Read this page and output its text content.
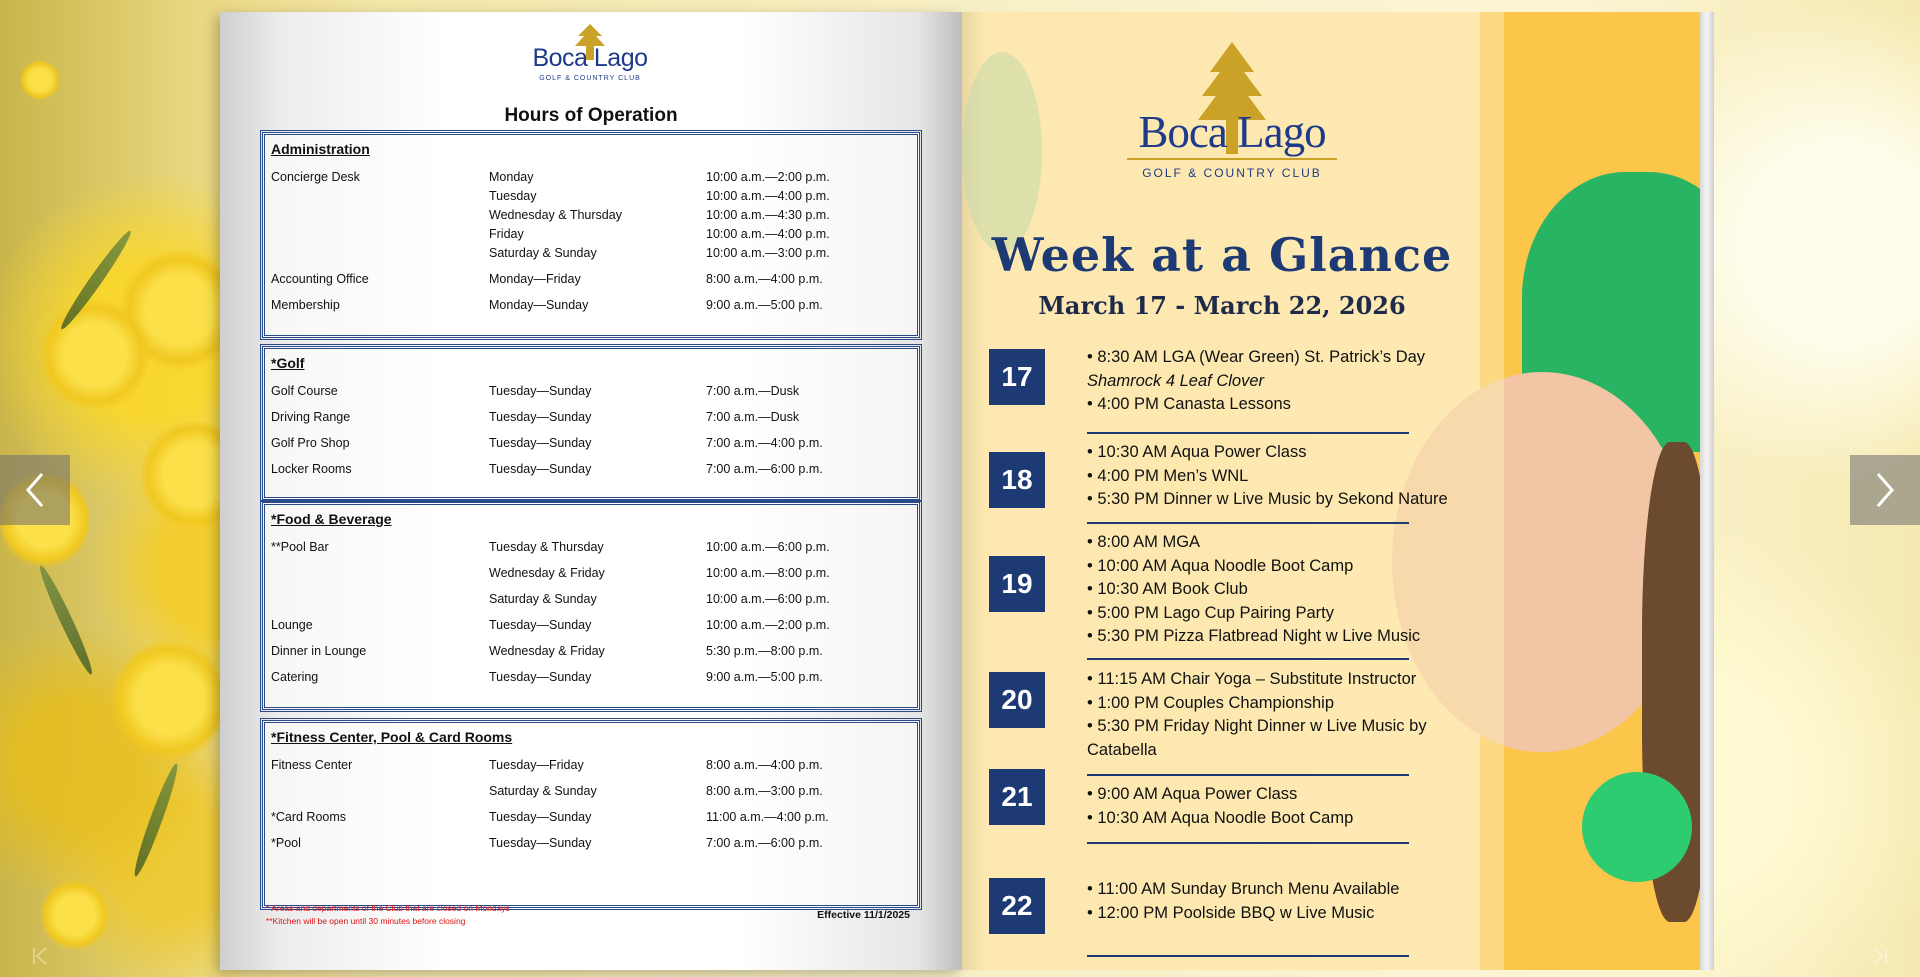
Boca Lago
GOLF & COUNTRY CLUB
Hours of Operation
Administration
Concierge Desk	Monday	10:00 a.m.—2:00 p.m.
Tuesday	10:00 a.m.—4:00 p.m.
Wednesday & Thursday	10:00 a.m.—4:30 p.m.
Friday	10:00 a.m.—4:00 p.m.
Saturday & Sunday	10:00 a.m.—3:00 p.m.
Accounting Office	Monday—Friday	8:00 a.m.—4:00 p.m.
Membership	Monday—Sunday	9:00 a.m.—5:00 p.m.
*Golf
Golf Course	Tuesday—Sunday	7:00 a.m.—Dusk
Driving Range	Tuesday—Sunday	7:00 a.m.—Dusk
Golf Pro Shop	Tuesday—Sunday	7:00 a.m.—4:00 p.m.
Locker Rooms	Tuesday—Sunday	7:00 a.m.—6:00 p.m.
*Food & Beverage
**Pool Bar	Tuesday & Thursday	10:00 a.m.—6:00 p.m.
Wednesday & Friday	10:00 a.m.—8:00 p.m.
Saturday & Sunday	10:00 a.m.—6:00 p.m.
Lounge	Tuesday—Sunday	10:00 a.m.—2:00 p.m.
Dinner in Lounge	Wednesday & Friday	5:30 p.m.—8:00 p.m.
Catering	Tuesday—Sunday	9:00 a.m.—5:00 p.m.
*Fitness Center, Pool & Card Rooms
Fitness Center	Tuesday—Friday	8:00 a.m.—4:00 p.m.
Saturday & Sunday	8:00 a.m.—3:00 p.m.
*Card Rooms	Tuesday—Sunday	11:00 a.m.—4:00 p.m.
*Pool	Tuesday—Sunday	7:00 a.m.—6:00 p.m.
* Areas and departments of the Club that are closed on Mondays
**Kitchen will be open until 30 minutes before closing	Effective 11/1/2025
Boca Lago
GOLF & COUNTRY CLUB
Week at a Glance
March 17 - March 22, 2026
17
• 8:30 AM LGA (Wear Green) St. Patrick’s Day
Shamrock 4 Leaf Clover
• 4:00 PM Canasta Lessons
18
• 10:30 AM Aqua Power Class
• 4:00 PM Men’s WNL
• 5:30 PM Dinner w Live Music by Sekond Nature
19
• 8:00 AM MGA
• 10:00 AM Aqua Noodle Boot Camp
• 10:30 AM Book Club
• 5:00 PM Lago Cup Pairing Party
• 5:30 PM Pizza Flatbread Night w Live Music
20
• 11:15 AM Chair Yoga – Substitute Instructor
• 1:00 PM Couples Championship
• 5:30 PM Friday Night Dinner w Live Music by Catabella
21	• 9:00 AM Aqua Power Class
• 10:30 AM Aqua Noodle Boot Camp
22
• 11:00 AM Sunday Brunch Menu Available
• 12:00 PM Poolside BBQ w Live Music
